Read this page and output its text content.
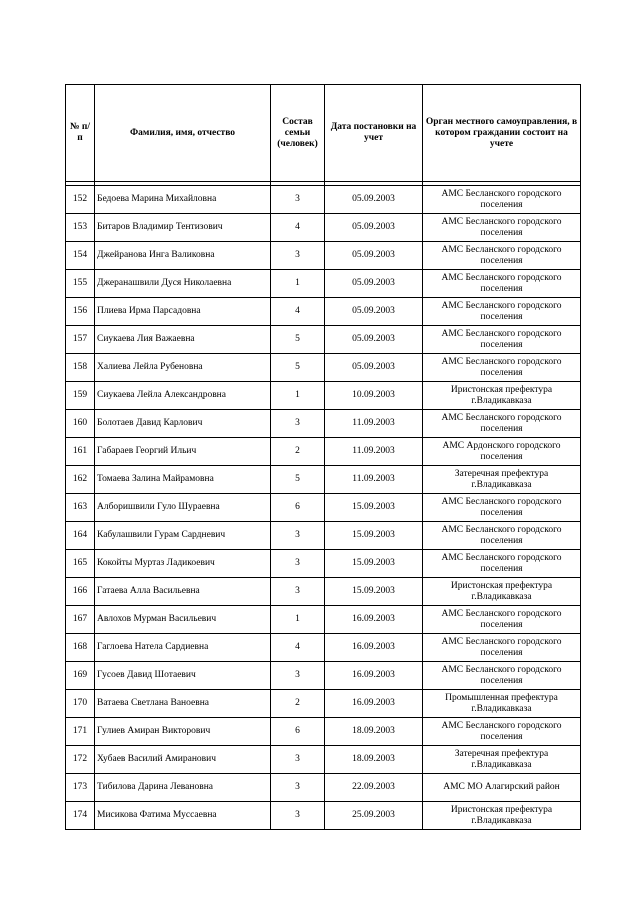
№ п/п	Фамилия, имя, отчество	Состав семьи (человек)	Дата постановки на учет	Орган местного самоуправления, в котором граждании состоит на учете

152	Бедоева Марина Михайловна	3	05.09.2003	АМС Бесланского городского поселения
153	Битаров Владимир Тентизович	4	05.09.2003	АМС Бесланского городского поселения
154	Джейранова Инга Валиковна	3	05.09.2003	АМС Бесланского городского поселения
155	Джеранашвили Дуся Николаевна	1	05.09.2003	АМС Бесланского городского поселения
156	Плиева Ирма Парсадовна	4	05.09.2003	АМС Бесланского городского поселения
157	Сиукаева Лия Важаевна	5	05.09.2003	АМС Бесланского городского поселения
158	Халиева Лейла Рубеновна	5	05.09.2003	АМС Бесланского городского поселения
159	Сиукаева Лейла Александровна	1	10.09.2003	Иристонская префектура г.Владикавказа
160	Болотаев Давид Карлович	3	11.09.2003	АМС Бесланского городского поселения
161	Габараев Георгий Ильич	2	11.09.2003	АМС Ардонского городского поселения
162	Томаева Залина Майрамовна	5	11.09.2003	Затеречная префектура г.Владикавказа
163	Алборишвили Гуло Шураевна	6	15.09.2003	АМС Бесланского городского поселения
164	Кабулашвили Гурам Сардневич	3	15.09.2003	АМС Бесланского городского поселения
165	Кокойты Муртаз Ладикоевич	3	15.09.2003	АМС Бесланского городского поселения
166	Гатаева Алла Васильевна	3	15.09.2003	Иристонская префектура г.Владикавказа
167	Авлохов Мурман Васильевич	1	16.09.2003	АМС Бесланского городского поселения
168	Гаглоева Натела Сардиевна	4	16.09.2003	АМС Бесланского городского поселения
169	Гусоев Давид Шотаевич	3	16.09.2003	АМС Бесланского городского поселения
170	Ватаева Светлана Ваноевна	2	16.09.2003	Промышленная префектура г.Владикавказа
171	Гулиев Амиран Викторович	6	18.09.2003	АМС Бесланского городского поселения
172	Хубаев Василий Амиранович	3	18.09.2003	Затеречная префектура г.Владикавказа
173	Тибилова Дарина Левановна	3	22.09.2003	АМС МО Алагирский район
174	Мисикова Фатима Муссаевна	3	25.09.2003	Иристонская префектура г.Владикавказа
